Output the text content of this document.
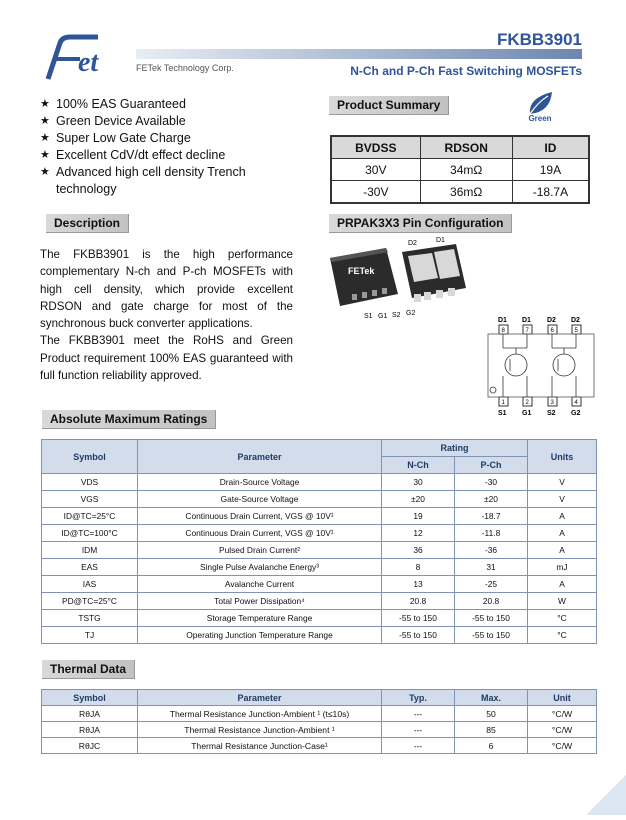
et	FETek Technology Corp.
FKBB3901
N-Ch and P-Ch Fast Switching MOSFETs
★ 100% EAS Guaranteed
★ Green Device Available
★ Super Low Gate Charge
★ Excellent CdV/dt effect decline
★ Advanced high cell density Trench technology
Product Summary
Green
BVDSS	RDSON	ID
30V	34mΩ	19A
-30V	36mΩ	-18.7A
Description

The FKBB3901 is the high performance complementary N-ch and P-ch MOSFETs with high cell density, which provide excellent RDSON and gate charge for most of the synchronous buck converter applications.

The FKBB3901 meet the RoHS and Green Product requirement 100% EAS guaranteed with full function reliability approved.

PRPAK3X3 Pin Configuration
FETek
D2	D1
S1 G1 S2 G2
D1 D1 D2 D2
S1 G1 S2 G2
8	7	6	5
1	2	3	4
Absolute Maximum Ratings
Symbol	Parameter	Rating		Units
		N-Ch	P-Ch	
VDS	Drain-Source Voltage	30	-30	V
VGS	Gate-Source Voltage	±20	±20	V
ID@TC=25°C	Continuous Drain Current, VGS @ 10V¹	19	-18.7	A
ID@TC=100°C	Continuous Drain Current, VGS @ 10V¹	12	-11.8	A
IDM	Pulsed Drain Current²	36	-36	A
EAS	Single Pulse Avalanche Energy³	8	31	mJ
IAS	Avalanche Current	13	-25	A
PD@TC=25°C	Total Power Dissipation⁴	20.8	20.8	W
TSTG	Storage Temperature Range	-55 to 150	-55 to 150	°C
TJ	Operating Junction Temperature Range	-55 to 150	-55 to 150	°C
Thermal Data
Symbol	Parameter	Typ.	Max.	Unit
RθJA	Thermal Resistance Junction-Ambient ¹ (t≤10s)	---	50	°C/W
RθJA	Thermal Resistance Junction-Ambient ¹	---	85	°C/W
RθJC	Thermal Resistance Junction-Case¹	---	6	°C/W
